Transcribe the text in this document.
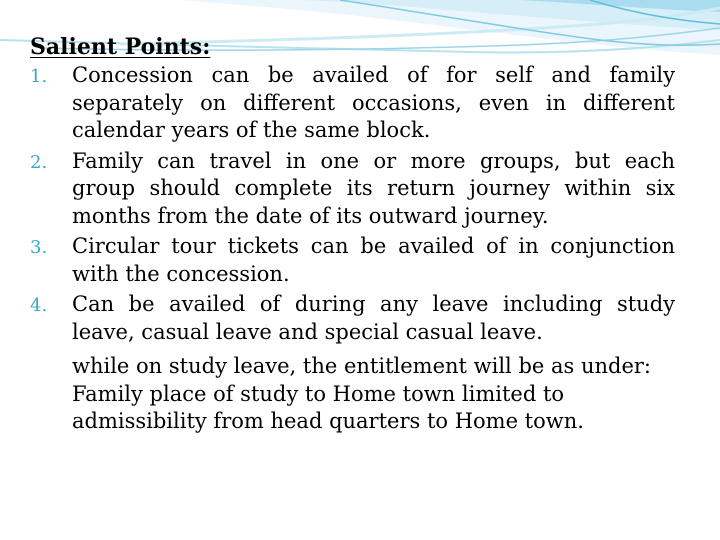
Salient Points:
1. Concession can be availed of for self and family separately on different occasions, even in different calendar years of the same block.
2. Family can travel in one or more groups, but each group should complete its return journey within six months from the date of its outward journey.
3. Circular tour tickets can be availed of in conjunction with the concession.
4. Can be availed of during any leave including study leave, casual leave and special casual leave.
while on study leave, the entitlement will be as under:
Family place of study to Home town limited to admissibility from head quarters to Home town.
